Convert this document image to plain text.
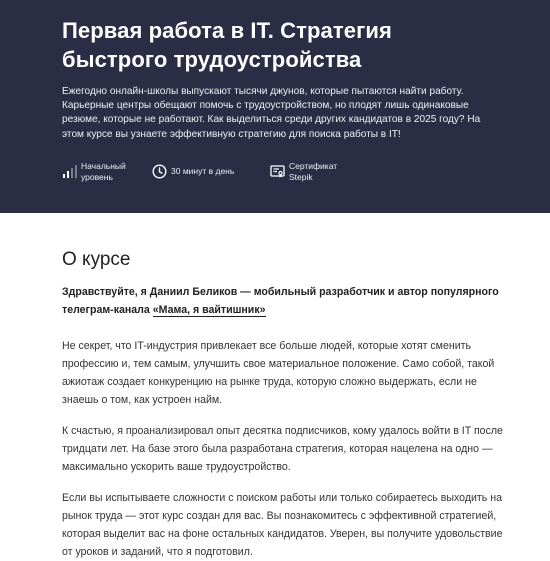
Первая работа в IT. Стратегия быстрого трудоустройства

Ежегодно онлайн-школы выпускают тысячи джунов, которые пытаются найти работу. Карьерные центры обещают помочь с трудоустройством, но плодят лишь одинаковые резюме, которые не работают. Как выделиться среди других кандидатов в 2025 году? На этом курсе вы узнаете эффективную стратегию для поиска работы в IT!

Начальный
уровень
30 минут в день	Сертификат
Stepik
О курсе

Здравствуйте, я Даниил Беликов — мобильный разработчик и автор популярного телеграм-канала «Мама, я вайтишник»

Не секрет, что IT-индустрия привлекает все больше людей, которые хотят сменить профессию и, тем самым, улучшить свое материальное положение. Само собой, такой ажиотаж создает конкуренцию на рынке труда, которую сложно выдержать, если не знаешь о том, как устроен найм.

К счастью, я проанализировал опыт десятка подписчиков, кому удалось войти в IT после тридцати лет. На базе этого была разработана стратегия, которая нацелена на одно — максимально ускорить ваше трудоустройство.

Если вы испытываете сложности с поиском работы или только собираетесь выходить на рынок труда — этот курс создан для вас. Вы познакомитесь с эффективной стратегией, которая выделит вас на фоне остальных кандидатов. Уверен, вы получите удовольствие от уроков и заданий, что я подготовил.
